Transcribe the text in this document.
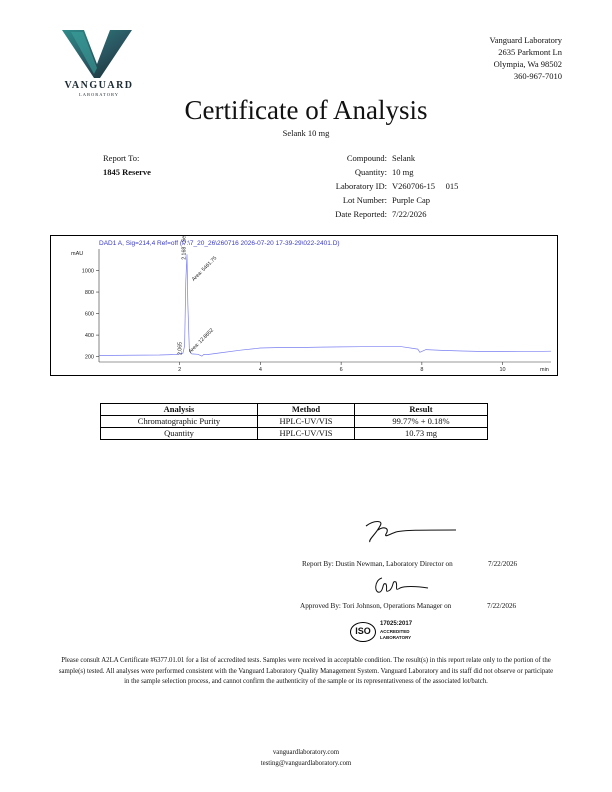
VANGUARD
LABORATORY
Vanguard Laboratory
2635 Parkmont Ln
Olympia, Wa 98502
360-967-7010
Certificate of Analysis
Selank 10 mg
Report To:
1845 Reserve
Compound: Selank
Quantity: 10 mg
Laboratory ID: V260706-15     015
Lot Number: Purple Cap
Date Reported: 7/22/2026
DAD1 A, Sig=214,4 Ref=off (P:\7_20_26\260716 2026-07-20 17-39-29\022-2401.D)
mAU
min
1000
800
600
400
200
2	4	6	8	10
2.168 - Selank
Area: 5461.75
2.065 Area: 12.8652
Analysis	Method	Result
Chromatographic Purity	HPLC-UV/VIS	99.77% + 0.18%
Quantity	HPLC-UV/VIS	10.73 mg
Report By: Dustin Newman, Laboratory Director on	7/22/2026
Approved By: Tori Johnson, Operations Manager on	7/22/2026
ISO
17025:2017
ACCREDITED
LABORATORY
Please consult A2LA Certificate #6377.01.01 for a list of accredited tests. Samples were received in acceptable condition. The result(s) in this report relate only to the portion of the sample(s) tested. All analyses were performed consistent with the Vanguard Laboratory Quality Management System. Vanguard Laboratory and its staff did not observe or participate in the sample selection process, and cannot confirm the authenticity of the sample or its representativeness of the associated lot/batch.
vanguardlaboratory.com
testing@vanguardlaboratory.com
